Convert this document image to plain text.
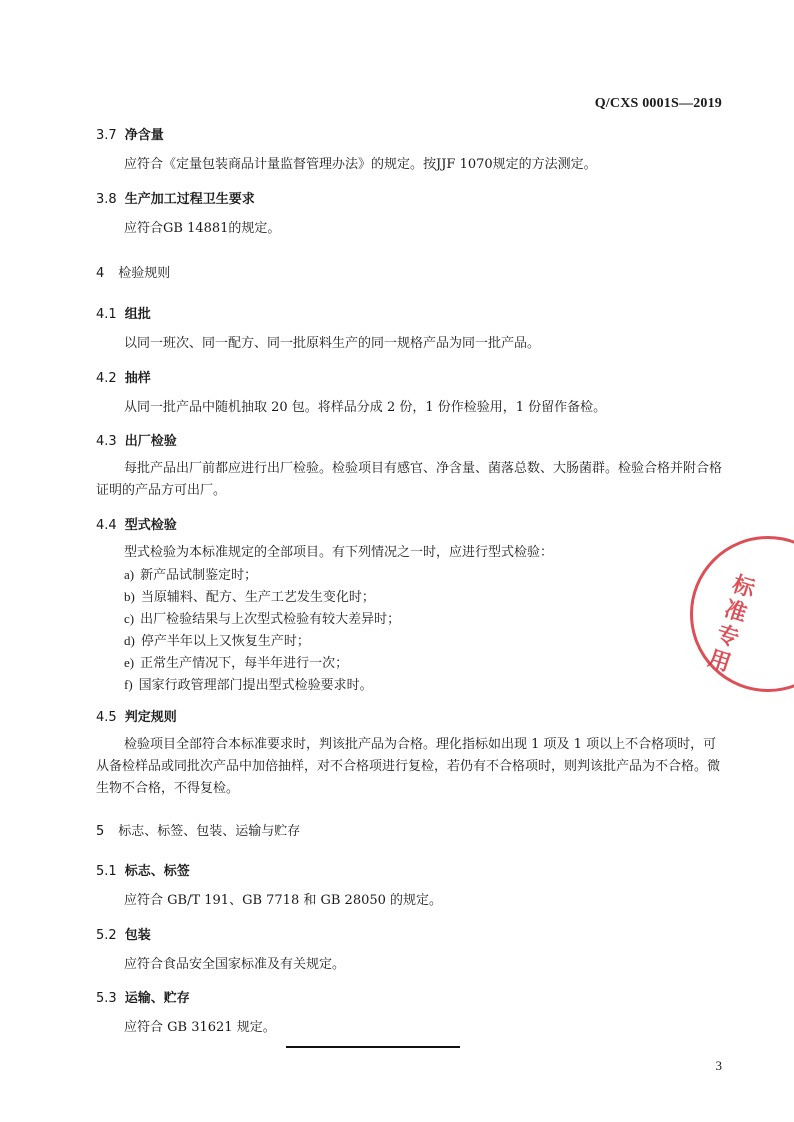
Q/CXS 0001S—2019
3.7 净含量
应符合《定量包装商品计量监督管理办法》的规定。按JJF 1070规定的方法测定。
3.8 生产加工过程卫生要求
应符合GB 14881的规定。
4 检验规则
4.1 组批
以同一班次、同一配方、同一批原料生产的同一规格产品为同一批产品。
4.2 抽样
从同一批产品中随机抽取 20 包。将样品分成 2 份，1 份作检验用，1 份留作备检。
4.3 出厂检验
每批产品出厂前都应进行出厂检验。检验项目有感官、净含量、菌落总数、大肠菌群。检验合格并附合格证明的产品方可出厂。
4.4 型式检验
型式检验为本标准规定的全部项目。有下列情况之一时，应进行型式检验：
a) 新产品试制鉴定时；
b) 当原辅料、配方、生产工艺发生变化时；
c) 出厂检验结果与上次型式检验有较大差异时；
d) 停产半年以上又恢复生产时；
e) 正常生产情况下，每半年进行一次；
f) 国家行政管理部门提出型式检验要求时。
4.5 判定规则
检验项目全部符合本标准要求时，判该批产品为合格。理化指标如出现 1 项及 1 项以上不合格项时，可从备检样品或同批次产品中加倍抽样，对不合格项进行复检，若仍有不合格项时，则判该批产品为不合格。微生物不合格，不得复检。
5 标志、标签、包装、运输与贮存
5.1 标志、标签
应符合 GB/T 191、GB 7718 和 GB 28050 的规定。
5.2 包装
应符合食品安全国家标准及有关规定。
5.3 运输、贮存
应符合 GB 31621 规定。
3
标准专用
